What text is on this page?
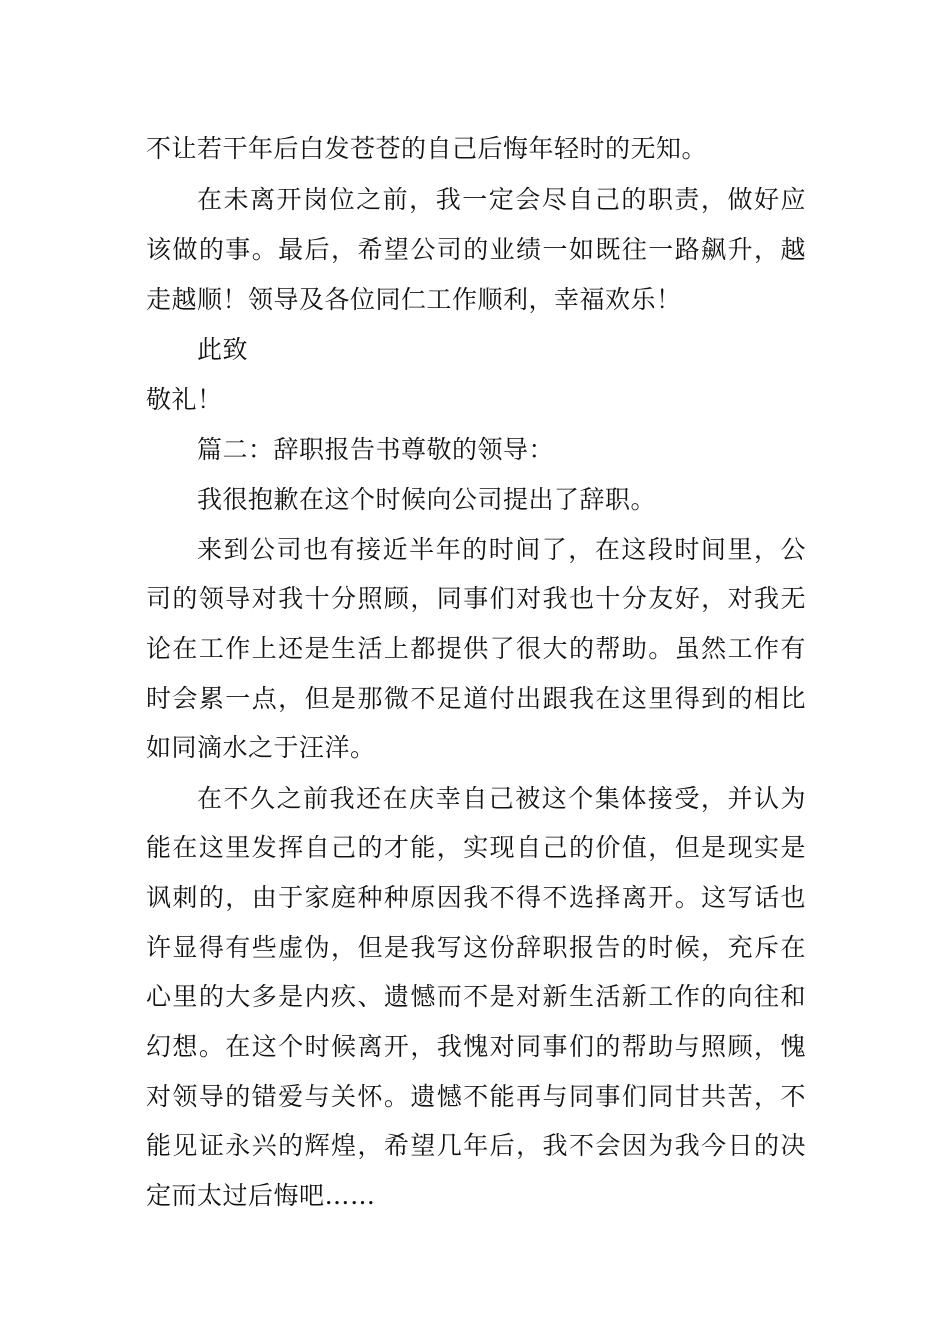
不让若干年后白发苍苍的自己后悔年轻时的无知。
在未离开岗位之前，我一定会尽自己的职责，做好应
该做的事。最后，希望公司的业绩一如既往一路飙升，越
走越顺！领导及各位同仁工作顺利，幸福欢乐！
此致
敬礼！
篇二：辞职报告书尊敬的领导：
我很抱歉在这个时候向公司提出了辞职。
来到公司也有接近半年的时间了，在这段时间里，公
司的领导对我十分照顾，同事们对我也十分友好，对我无
论在工作上还是生活上都提供了很大的帮助。虽然工作有
时会累一点，但是那微不足道付出跟我在这里得到的相比
如同滴水之于汪洋。
在不久之前我还在庆幸自己被这个集体接受，并认为
能在这里发挥自己的才能，实现自己的价值，但是现实是
讽刺的，由于家庭种种原因我不得不选择离开。这写话也
许显得有些虚伪，但是我写这份辞职报告的时候，充斥在
心里的大多是内疚、遗憾而不是对新生活新工作的向往和
幻想。在这个时候离开，我愧对同事们的帮助与照顾，愧
对领导的错爱与关怀。遗憾不能再与同事们同甘共苦，不
能见证永兴的辉煌，希望几年后，我不会因为我今日的决
定而太过后悔吧……
